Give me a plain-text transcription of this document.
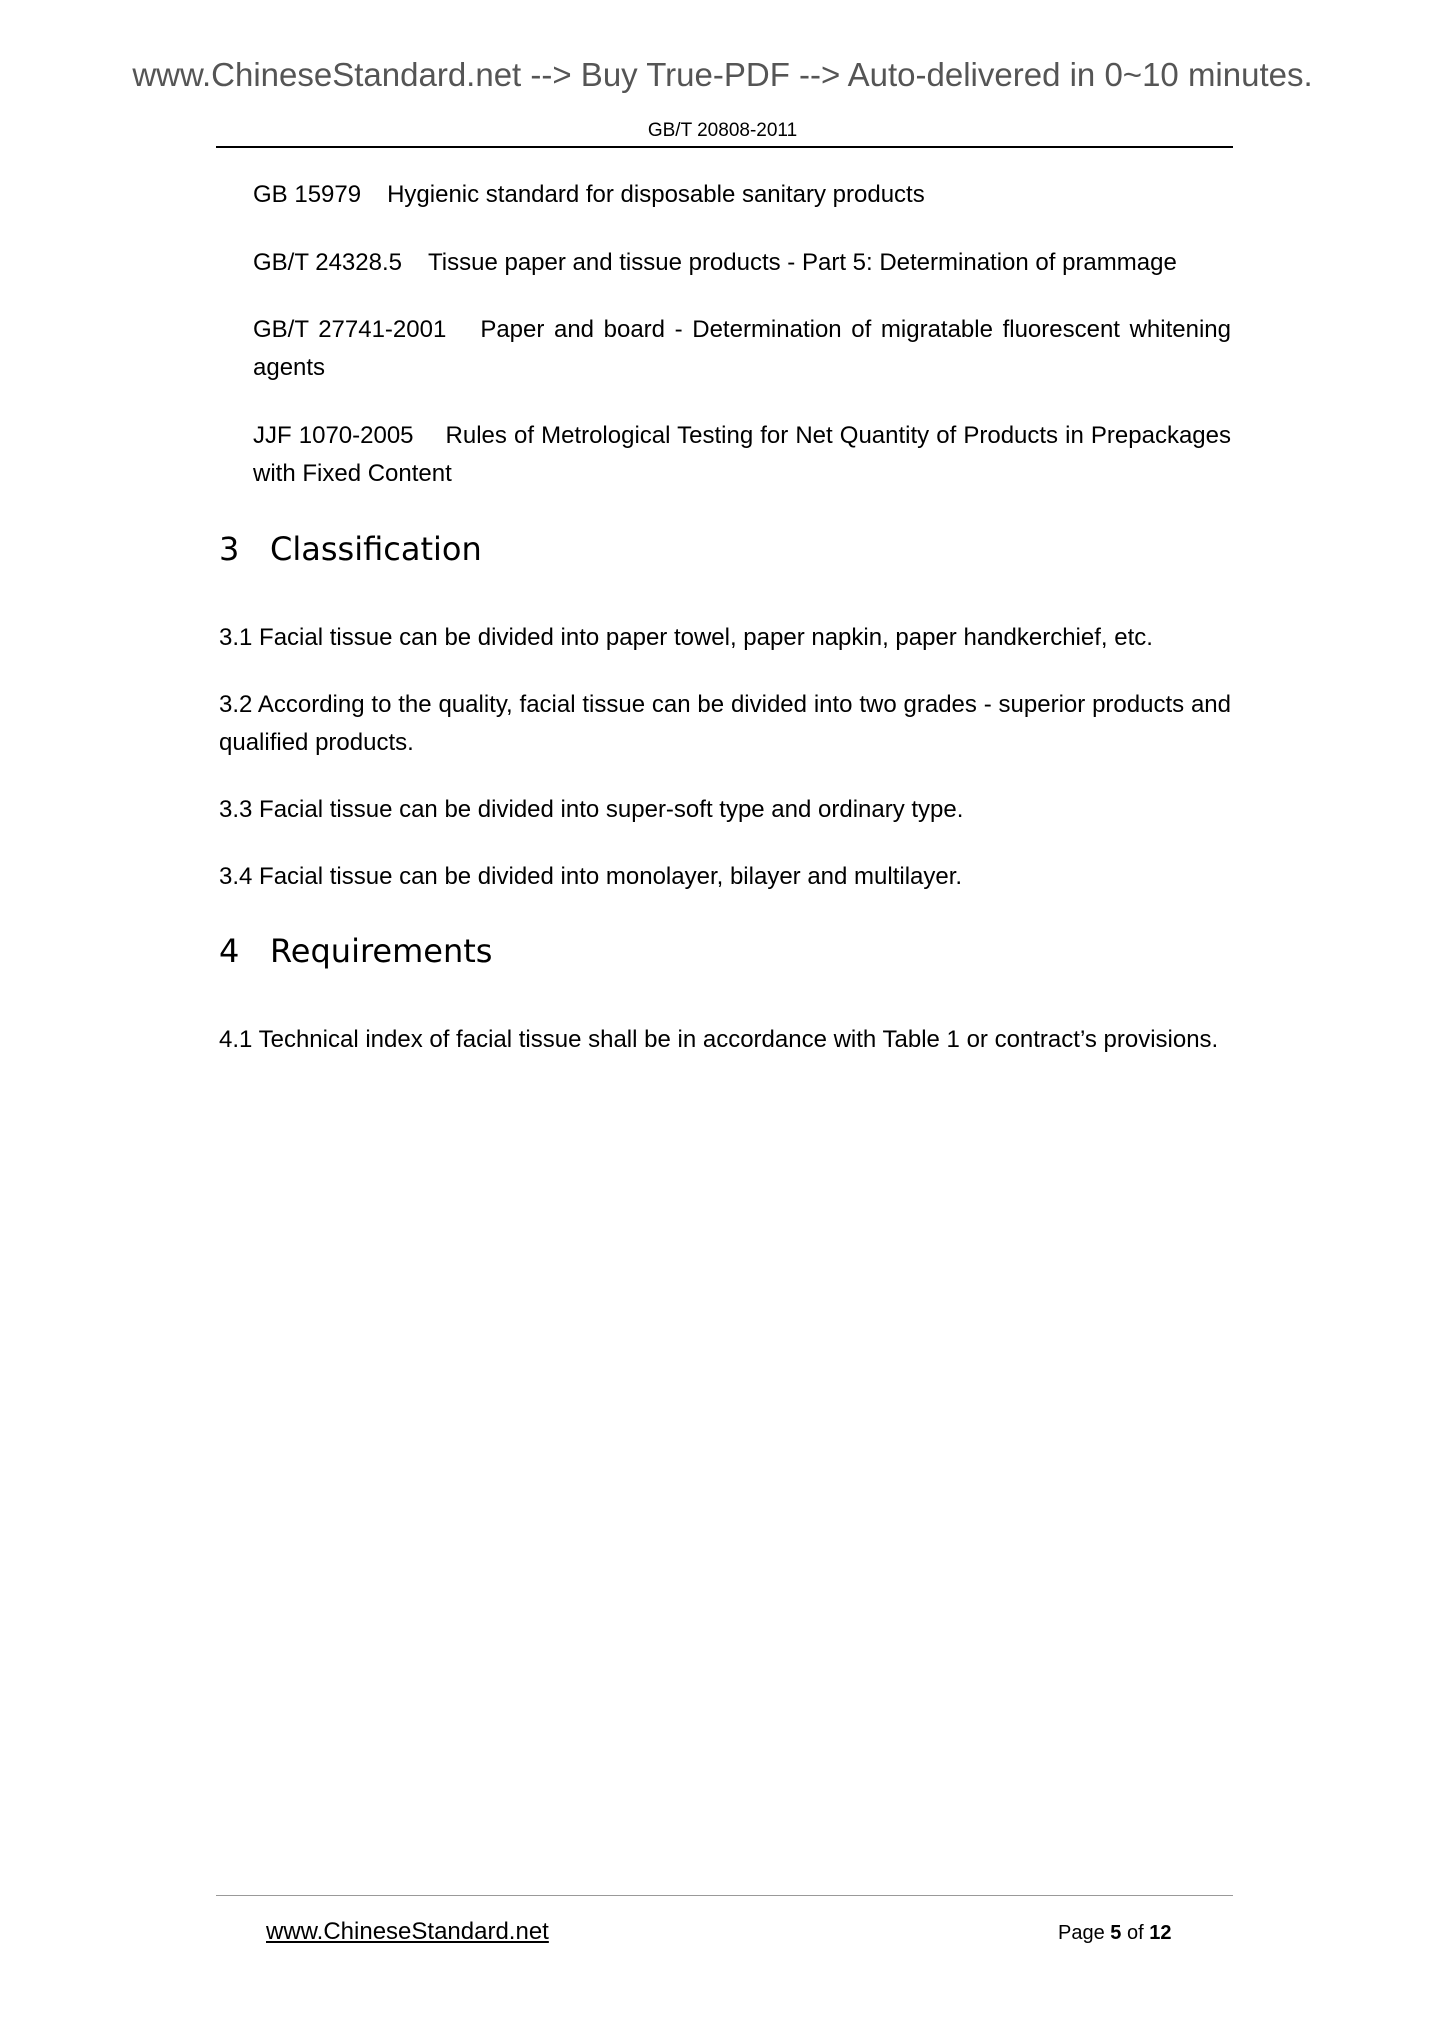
www.ChineseStandard.net --> Buy True-PDF --> Auto-delivered in 0~10 minutes.
GB/T 20808-2011

GB 15979 Hygienic standard for disposable sanitary products

GB/T 24328.5 Tissue paper and tissue products - Part 5: Determination of prammage

GB/T 27741-2001 Paper and board - Determination of migratable fluorescent whitening agents

JJF 1070-2005 Rules of Metrological Testing for Net Quantity of Products in Prepackages with Fixed Content

3 Classification

3.1 Facial tissue can be divided into paper towel, paper napkin, paper handkerchief, etc.

3.2 According to the quality, facial tissue can be divided into two grades - superior products and qualified products.

3.3 Facial tissue can be divided into super-soft type and ordinary type.

3.4 Facial tissue can be divided into monolayer, bilayer and multilayer.

4 Requirements

4.1 Technical index of facial tissue shall be in accordance with Table 1 or contract’s provisions.

www.ChineseStandard.net	Page 5 of 12
